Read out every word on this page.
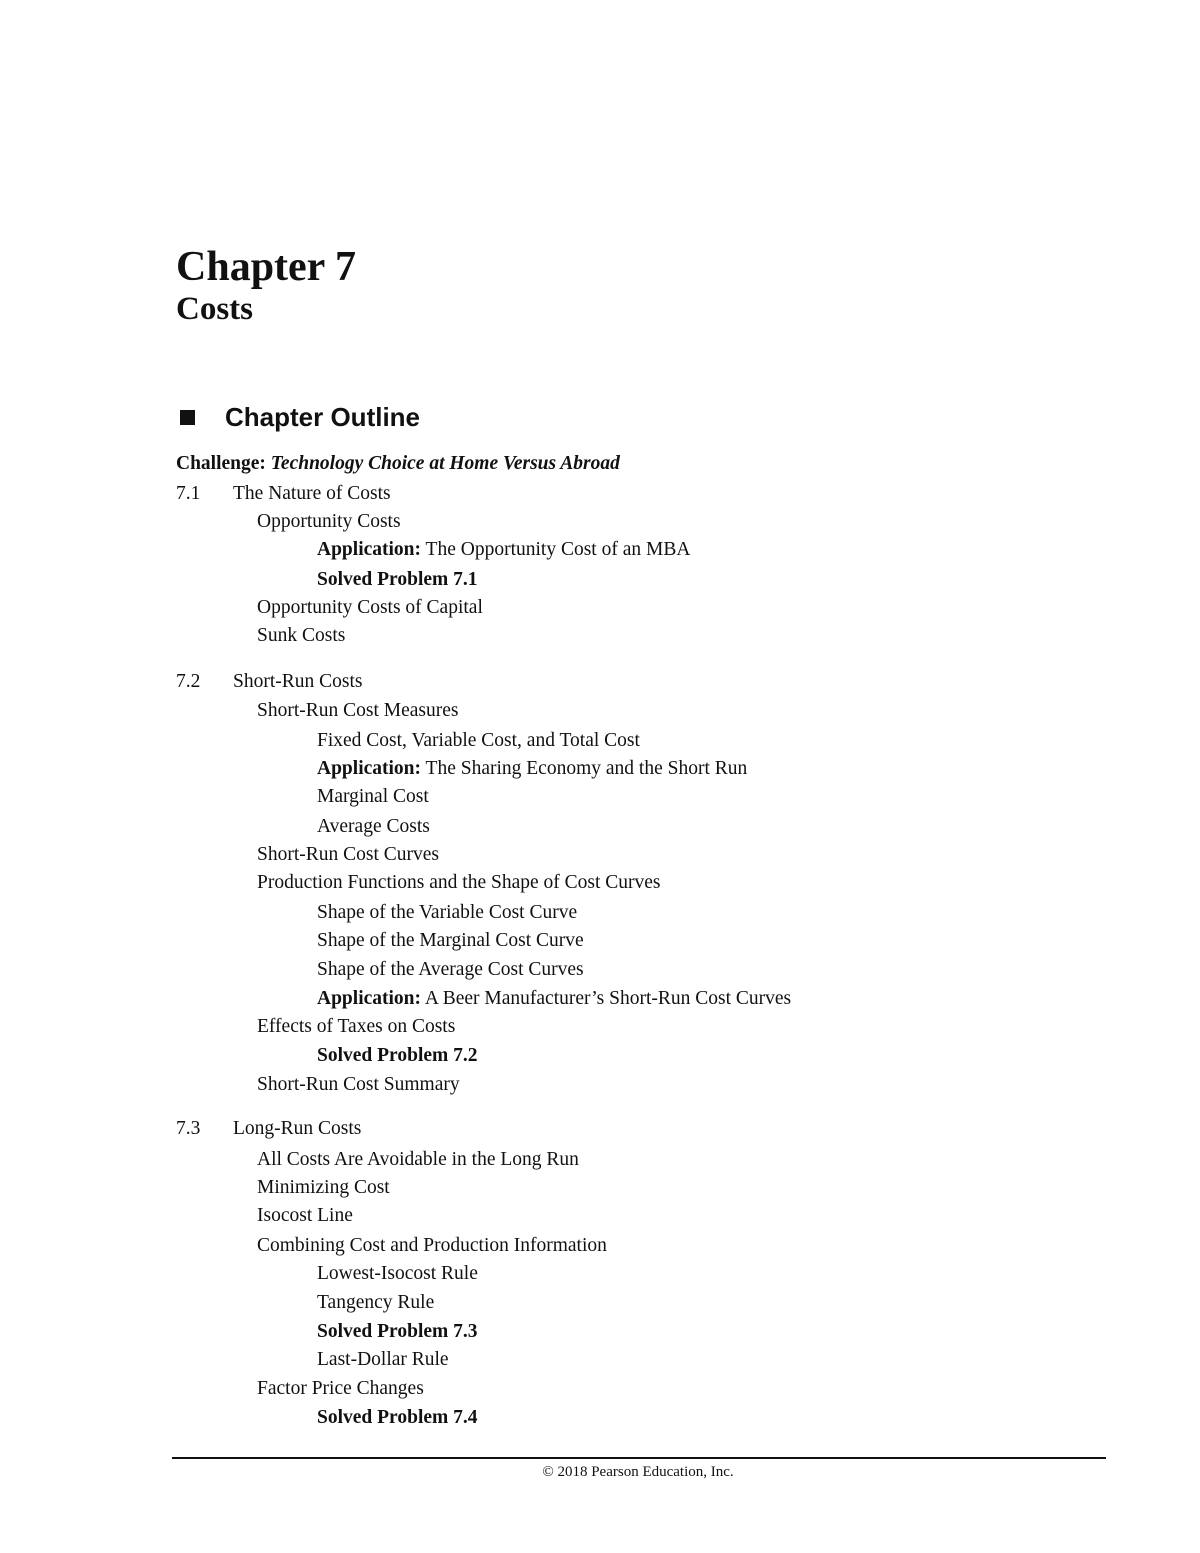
Chapter 7
Costs
Chapter Outline
Challenge: Technology Choice at Home Versus Abroad
7.1 The Nature of Costs
Opportunity Costs
Application: The Opportunity Cost of an MBA
Solved Problem 7.1
Opportunity Costs of Capital
Sunk Costs
7.2 Short-Run Costs
Short-Run Cost Measures
Fixed Cost, Variable Cost, and Total Cost
Application: The Sharing Economy and the Short Run
Marginal Cost
Average Costs
Short-Run Cost Curves
Production Functions and the Shape of Cost Curves
Shape of the Variable Cost Curve
Shape of the Marginal Cost Curve
Shape of the Average Cost Curves
Application: A Beer Manufacturer’s Short-Run Cost Curves
Effects of Taxes on Costs
Solved Problem 7.2
Short-Run Cost Summary
7.3 Long-Run Costs
All Costs Are Avoidable in the Long Run
Minimizing Cost
Isocost Line
Combining Cost and Production Information
Lowest-Isocost Rule
Tangency Rule
Solved Problem 7.3
Last-Dollar Rule
Factor Price Changes
Solved Problem 7.4
© 2018 Pearson Education, Inc.
